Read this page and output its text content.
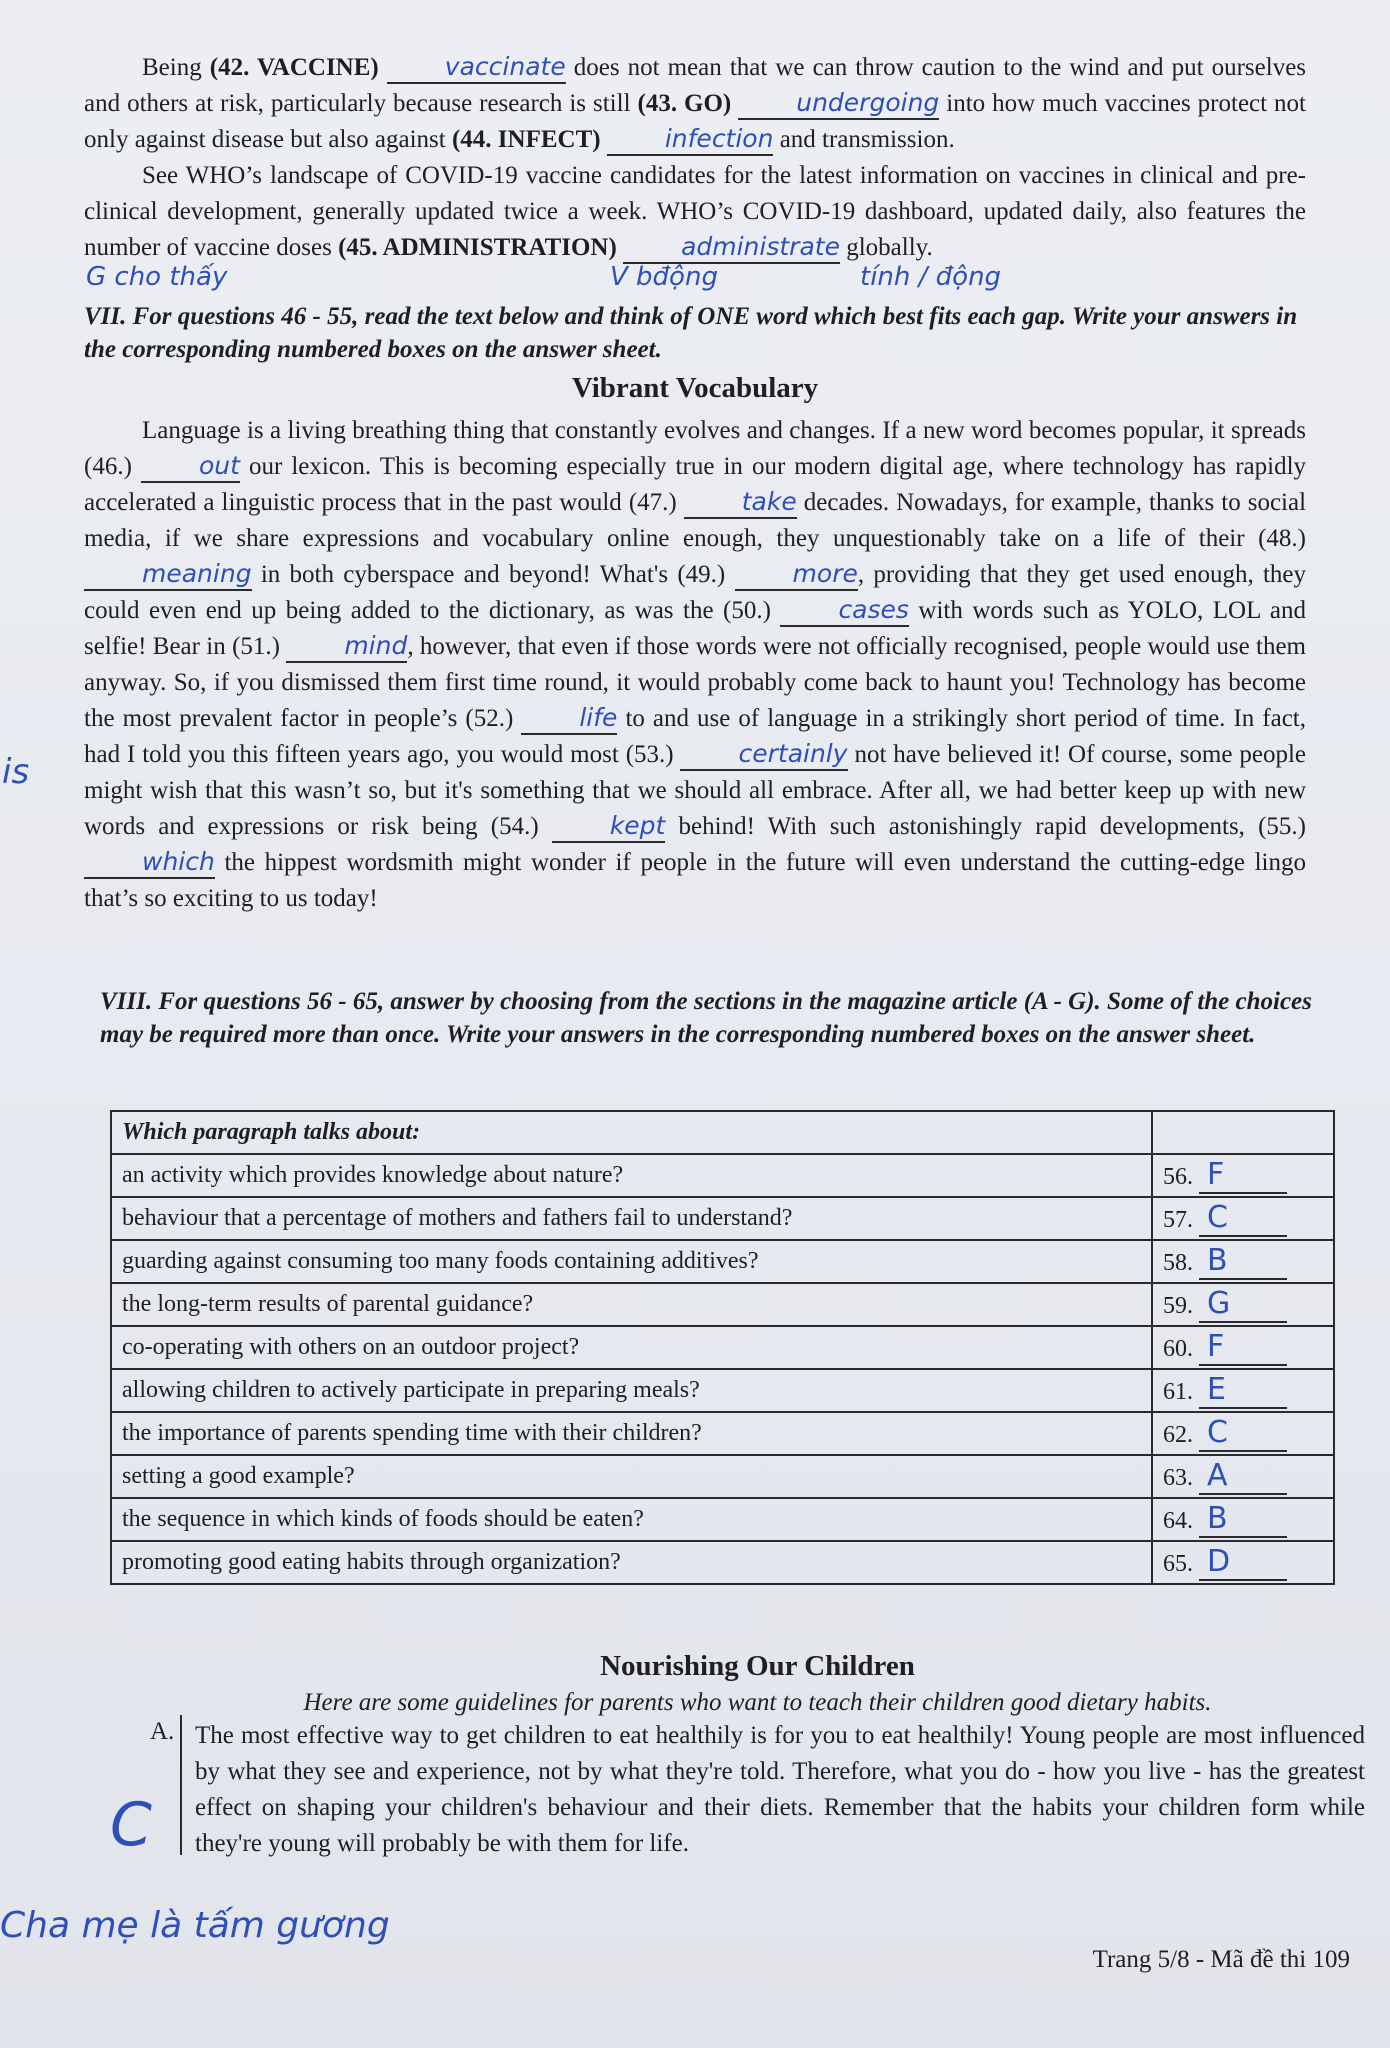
Being (42. VACCINE)	vaccinate does not mean that we can throw caution to the wind and put ourselves and others at risk, particularly because research is still (43. GO)	undergoing into how much vaccines protect not only against disease but also against (44. INFECT)	infection and transmission.

See WHO’s landscape of COVID-19 vaccine candidates for the latest information on vaccines in clinical and pre-clinical development, generally updated twice a week. WHO’s COVID-19 dashboard, updated daily, also features the number of vaccine doses (45. ADMINISTRATION)	administrate globally.

G cho thấy	V bđộng	tính / động

VII. For questions 46 - 55, read the text below and think of ONE word which best fits each gap. Write your answers in the corresponding numbered boxes on the answer sheet.

Vibrant Vocabulary

Language is a living breathing thing that constantly evolves and changes. If a new word becomes popular, it spreads (46.)	out our lexicon. This is becoming especially true in our modern digital age, where technology has rapidly accelerated a linguistic process that in the past would (47.)	take decades. Nowadays, for example, thanks to social media, if we share expressions and vocabulary online enough, they unquestionably take on a life of their (48.) meaning in both cyberspace and beyond! What's (49.)	more, providing that they get used enough, they could even end up being added to the dictionary, as was the (50.)	cases with words such as YOLO, LOL and selfie! Bear in (51.)	mind, however, that even if those words were not officially recognised, people would use them anyway. So, if you dismissed them first time round, it would probably come back to haunt you! Technology has become the most prevalent factor in people’s (52.)	life to and use of language in a strikingly short period of time. In fact, had I told you this fifteen years ago, you would most (53.)	certainly not have believed it! Of course, some people might wish that this wasn’t so, but it's something that we should all embrace. After all, we had better keep up with new words and expressions or risk being (54.)	kept behind! With such astonishingly rapid developments, (55.) which the hippest wordsmith might wonder if people in the future will even understand the cutting-edge lingo that’s so exciting to us today!

is

VIII. For questions 56 - 65, answer by choosing from the sections in the magazine article (A - G). Some of the choices may be required more than once. Write your answers in the corresponding numbered boxes on the answer sheet.

Which paragraph talks about:	
an activity which provides knowledge about nature?	56. F
behaviour that a percentage of mothers and fathers fail to understand?	57. C
guarding against consuming too many foods containing additives?	58. B
the long-term results of parental guidance?	59. G
co-operating with others on an outdoor project?	60. F
allowing children to actively participate in preparing meals?	61. E
the importance of parents spending time with their children?	62. C
setting a good example?	63. A
the sequence in which kinds of foods should be eaten?	64. B
promoting good eating habits through organization?	65. D

Nourishing Our Children

Here are some guidelines for parents who want to teach their children good dietary habits.

A. The most effective way to get children to eat healthily is for you to eat healthily! Young people are most influenced by what they see and experience, not by what they're told. Therefore, what you do - how you live - has the greatest effect on shaping your children's behaviour and their diets. Remember that the habits your children form while they're young will probably be with them for life.

C
Cha mẹ là tấm gương
Trang 5/8 - Mã đề thi 109
